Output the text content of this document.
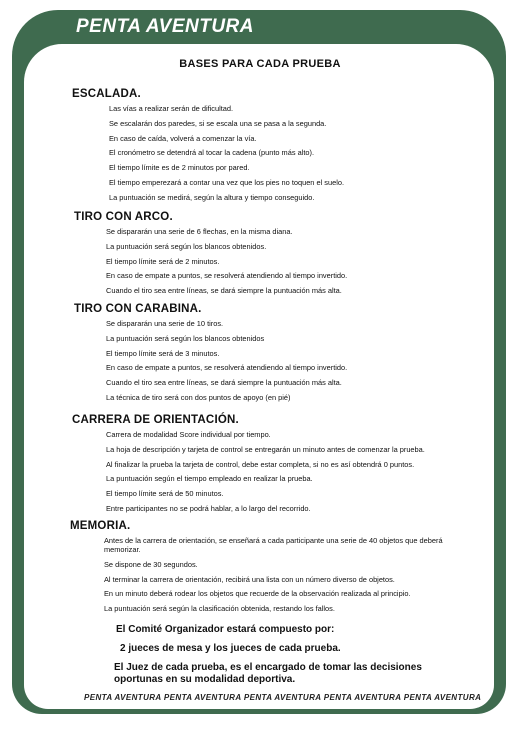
PENTA AVENTURA
BASES PARA CADA PRUEBA
ESCALADA.
Las vías a realizar serán de dificultad.
Se escalarán dos paredes, si se escala una se pasa a la segunda.
En caso de caída, volverá a comenzar la vía.
El cronómetro se detendrá al tocar la cadena (punto más alto).
El tiempo límite es de 2 minutos por pared.
El tiempo emperezará a contar una vez que los pies no toquen el suelo.
La puntuación se medirá, según la altura y tiempo conseguido.
TIRO CON ARCO.
Se dispararán una serie de 6 flechas, en la misma diana.
La puntuación será según los blancos obtenidos.
El tiempo límite será de 2 minutos.
En caso de empate a puntos, se resolverá atendiendo al tiempo invertido.
Cuando el tiro sea entre líneas, se dará siempre la puntuación más alta.
TIRO CON CARABINA.
Se dispararán una serie de 10 tiros.
La puntuación será según los blancos obtenidos
El tiempo límite será de 3 minutos.
En caso de empate a puntos, se resolverá atendiendo al tiempo invertido.
Cuando el tiro sea entre líneas, se dará siempre la puntuación más alta.
La técnica de tiro será con dos puntos de apoyo (en pié)
CARRERA DE ORIENTACIÓN.
Carrera de modalidad Score individual por tiempo.
La hoja de descripción y tarjeta de control se entregarán un minuto antes de comenzar la prueba.
Al finalizar la prueba la tarjeta de control, debe estar completa, si no es así obtendrá 0 puntos.
La puntuación según el tiempo empleado en realizar la prueba.
El tiempo límite será de 50 minutos.
Entre participantes no se podrá hablar, a lo largo del recorrido.
MEMORIA.
Antes de la carrera de orientación, se enseñará a cada participante una serie de 40 objetos que deberá memorizar.
Se dispone de 30 segundos.
Al terminar la carrera de orientación, recibirá una lista con un número diverso de objetos.
En un minuto deberá rodear los objetos que recuerde de la observación realizada al principio.
La puntuación será según la clasificación obtenida, restando los fallos.

El Comité Organizador estará compuesto por:

2 jueces de mesa y los jueces de cada prueba.

El Juez de cada prueba, es el encargado de tomar las decisiones oportunas en su modalidad deportiva.

PENTA AVENTURA PENTA AVENTURA PENTA AVENTURA PENTA AVENTURA PENTA AVENTURA
